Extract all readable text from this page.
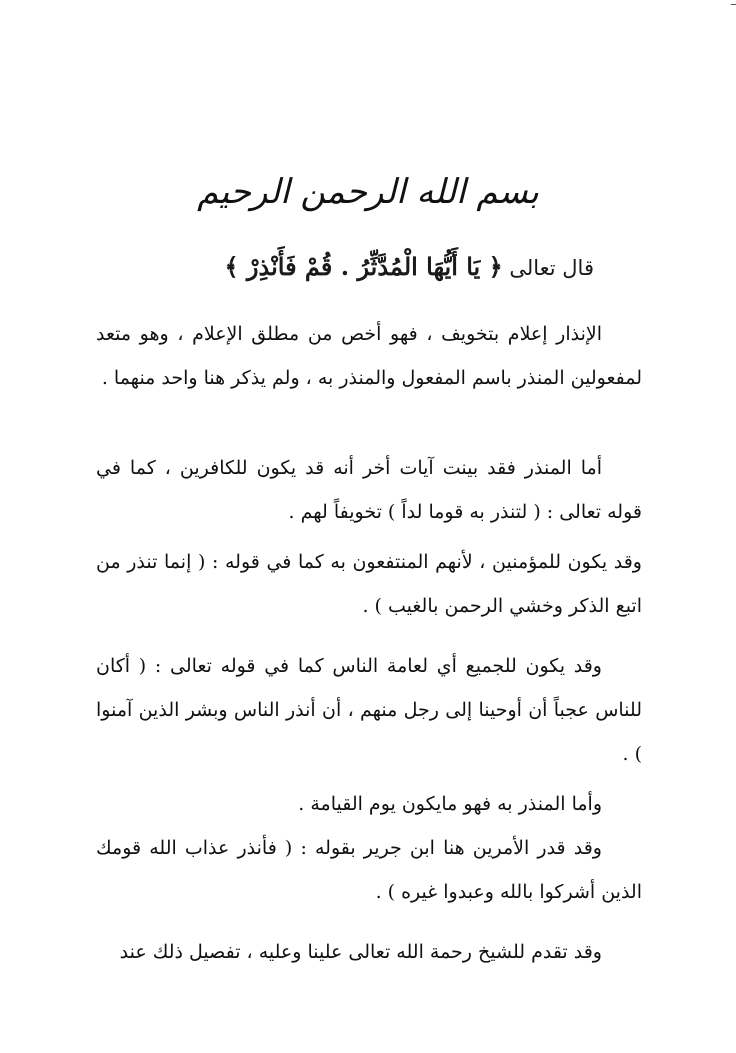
بسم الله الرحمن الرحيم
قال تعالى ﴿ يَا أَيُّهَا الْمُدَّثِّرُ . قُمْ فَأَنْذِرْ ﴾
الإنذار إعلام بتخويف ، فهو أخص من مطلق الإعلام ، وهو متعد لمفعولين المنذر باسم المفعول والمنذر به ، ولم يذكر هنا واحد منهما .
أما المنذر فقد بينت آيات أخر أنه قد يكون للكافرين ، كما في قوله تعالى : ( لتنذر به قوما لداً ) تخويفاً لهم .
وقد يكون للمؤمنين ، لأنهم المنتفعون به كما في قوله : ( إنما تنذر من اتبع الذكر وخشي الرحمن بالغيب ) .
وقد يكون للجميع أي لعامة الناس كما في قوله تعالى : ( أكان للناس عجباً أن أوحينا إلى رجل منهم ، أن أنذر الناس وبشر الذين آمنوا ) .
وأما المنذر به فهو مايكون يوم القيامة .
وقد قدر الأمرين هنا ابن جرير بقوله : ( فأنذر عذاب الله قومك الذين أشركوا بالله وعبدوا غيره ) .
وقد تقدم للشيخ رحمة الله تعالى علينا وعليه ، تفصيل ذلك عند
